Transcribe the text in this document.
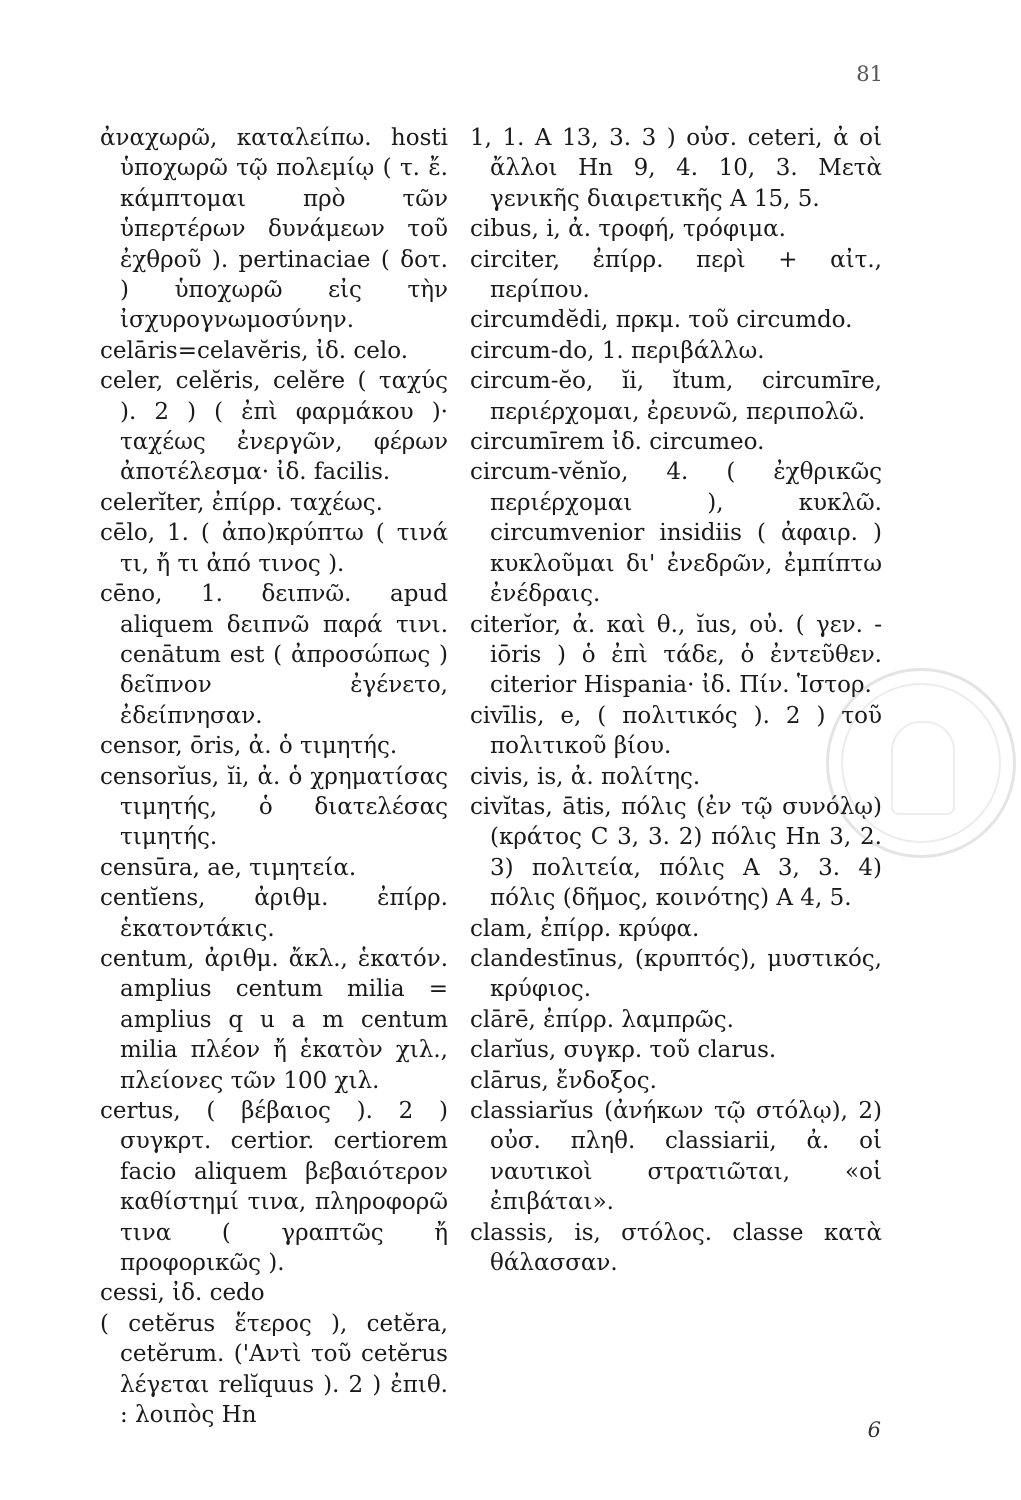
81

ἀναχωρῶ, καταλείπω. hosti ὑποχωρῶ τῷ πολεμίῳ ( τ. ἔ. κάμπτομαι πρὸ τῶν ὑπερτέρων δυνάμεων τοῦ ἐχθροῦ ). pertinaciae ( δοτ. ) ὑποχωρῶ εἰς τὴν ἰσχυρογνωμοσύνην.

celāris=celavĕris, ἰδ. celo.

celer, celĕris, celĕre ( ταχύς ). 2 ) ( ἐπὶ φαρμάκου )· ταχέως ἐνεργῶν, φέρων ἀποτέλεσμα· ἰδ. facilis.

celerĭter, ἐπίρρ. ταχέως.

cēlo, 1. ( ἀπο)κρύπτω ( τινά τι, ἤ τι ἀπό τινος ).

cēno, 1. δειπνῶ. apud aliquem δειπνῶ παρά τινι. cenātum est ( ἀπροσώπως ) δεῖπνον ἐγένετο, ἐδείπνησαν.

censor, ōris, ἀ. ὁ τιμητής.

censorĭus, ĭi, ἀ. ὁ χρηματίσας τιμητής, ὁ διατελέσας τιμητής.

censūra, ae, τιμητεία.

centĭens, ἀριθμ. ἐπίρρ. ἑκατοντάκις.

centum, ἀριθμ. ἄκλ., ἑκατόν. amplius centum milia = amplius q u a m centum milia πλέον ἤ ἑκατὸν χιλ., πλείονες τῶν 100 χιλ.

certus, ( βέβαιος ). 2 ) συγκρτ. certior. certiorem facio aliquem βεβαιότερον καθίστημί τινα, πληροφορῶ τινα ( γραπτῶς ἤ προφορικῶς ).

cessi, ἰδ. cedo

( cetĕrus ἕτερος ), cetĕra, cetĕrum. ('Αντὶ τοῦ cetĕrus λέγεται relĭquus ). 2 ) ἐπιθ. : λοιπὸς Ηn

1, 1. Α 13, 3. 3 ) οὐσ. ceteri, ἀ οἱ ἄλλοι Ηn 9, 4. 10, 3. Μετὰ γενικῆς διαιρετικῆς Α 15, 5.

cibus, i, ἀ. τροφή, τρόφιμα.

circiter, ἐπίρρ. περὶ + αἰτ., περίπου.

circumdĕdi, πρκμ. τοῦ circumdo.

circum-do, 1. περιβάλλω.

circum-ĕo, ĭi, ĭtum, circumīre, περιέρχομαι, ἐρευνῶ, περιπολῶ.

circumīrem ἰδ. circumeo.

circum-vĕnĭo, 4. ( ἐχθρικῶς περιέρχομαι ), κυκλῶ. circumvenior insidiis ( ἀφαιρ. ) κυκλοῦμαι δι' ἐνεδρῶν, ἐμπίπτω ἐνέδραις.

citerĭor, ἀ. καὶ θ., ĭus, οὐ. ( γεν. -iōris ) ὁ ἐπὶ τάδε, ὁ ἐντεῦθεν. citerior Hispania· ἰδ. Πίν. Ἱστορ.

civīlis, e, ( πολιτικός ). 2 ) τοῦ πολιτικοῦ βίου.

civis, is, ἀ. πολίτης.

civĭtas, ātis, πόλις (ἐν τῷ συνόλῳ) (κράτος C 3, 3. 2) πόλις Ηn 3, 2. 3) πολιτεία, πόλις Α 3, 3. 4) πόλις (δῆμος, κοινότης) Α 4, 5.

clam, ἐπίρρ. κρύφα.

clandestīnus, (κρυπτός), μυστικός, κρύφιος.

clārē, ἐπίρρ. λαμπρῶς.

clarĭus, συγκρ. τοῦ clarus.

clārus, ἔνδοξος.

classiarĭus (ἀνήκων τῷ στόλῳ), 2) οὐσ. πληθ. classiarii, ἀ. οἱ ναυτικοὶ στρατιῶται, «οἱ ἐπιβάται».

classis, is, στόλος. classe κατὰ θάλασσαν.

6
